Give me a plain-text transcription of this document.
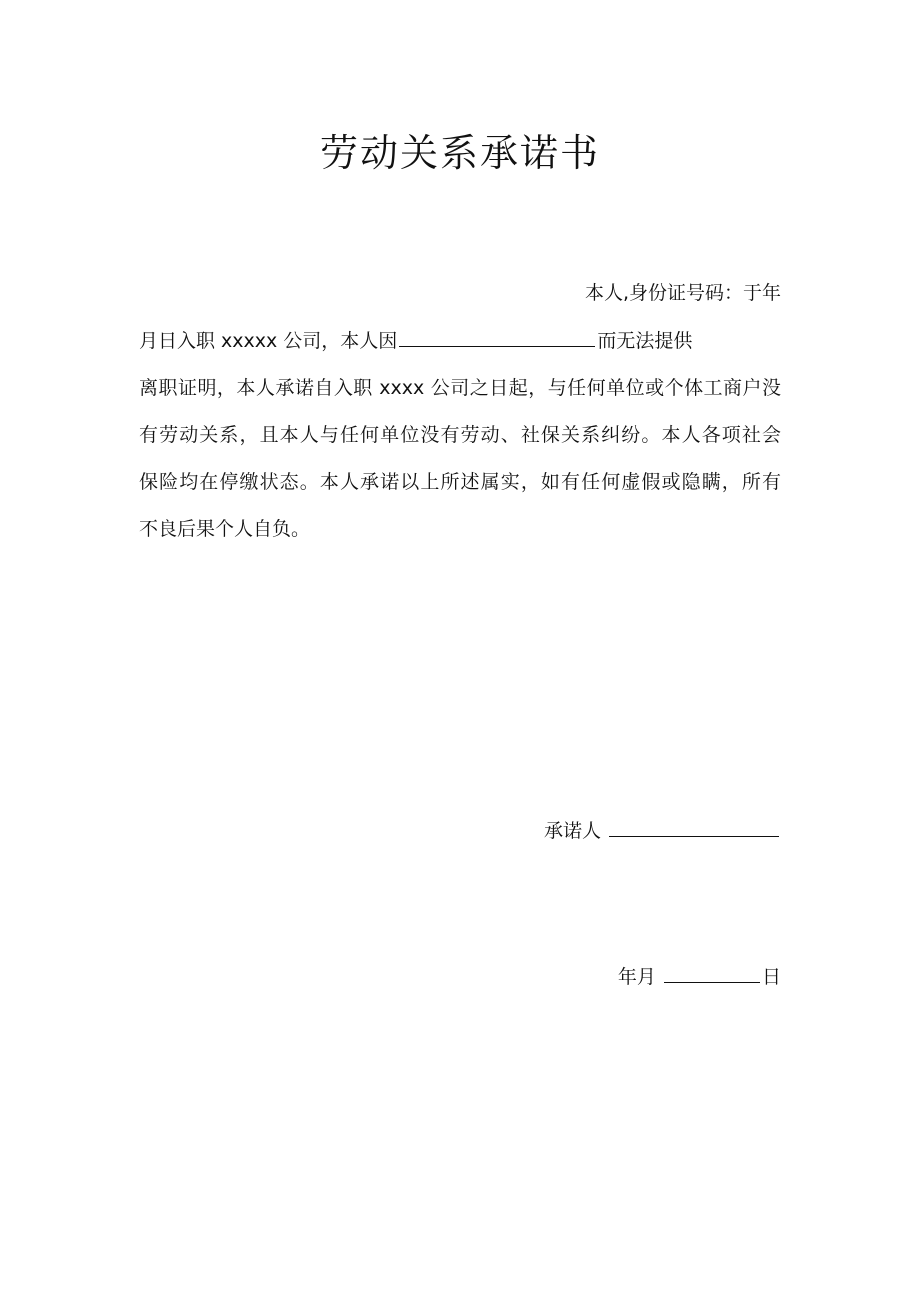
劳动关系承诺书
本人,身份证号码：于年
月日入职 xxxxx 公司，本人因	而无法提供
离职证明，本人承诺自入职 xxxx 公司之日起，与任何单位或个体工商户没
有劳动关系，且本人与任何单位没有劳动、社保关系纠纷。本人各项社会
保险均在停缴状态。本人承诺以上所述属实，如有任何虚假或隐瞒，所有
不良后果个人自负。
承诺人
年月	日
